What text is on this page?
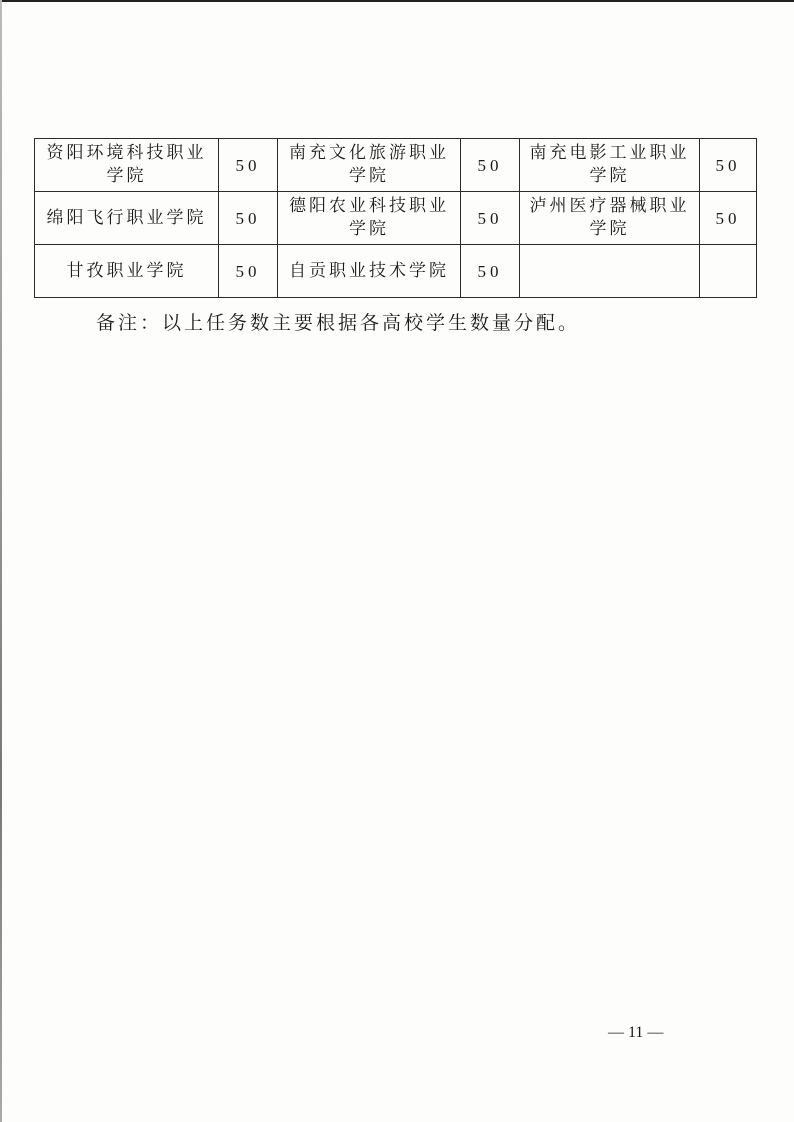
资阳环境科技职业学院	50	南充文化旅游职业学院	50	南充电影工业职业学院	50
绵阳飞行职业学院	50	德阳农业科技职业学院	50	泸州医疗器械职业学院	50
甘孜职业学院	50	自贡职业技术学院	50		
备注：以上任务数主要根据各高校学生数量分配。
— 11 —
